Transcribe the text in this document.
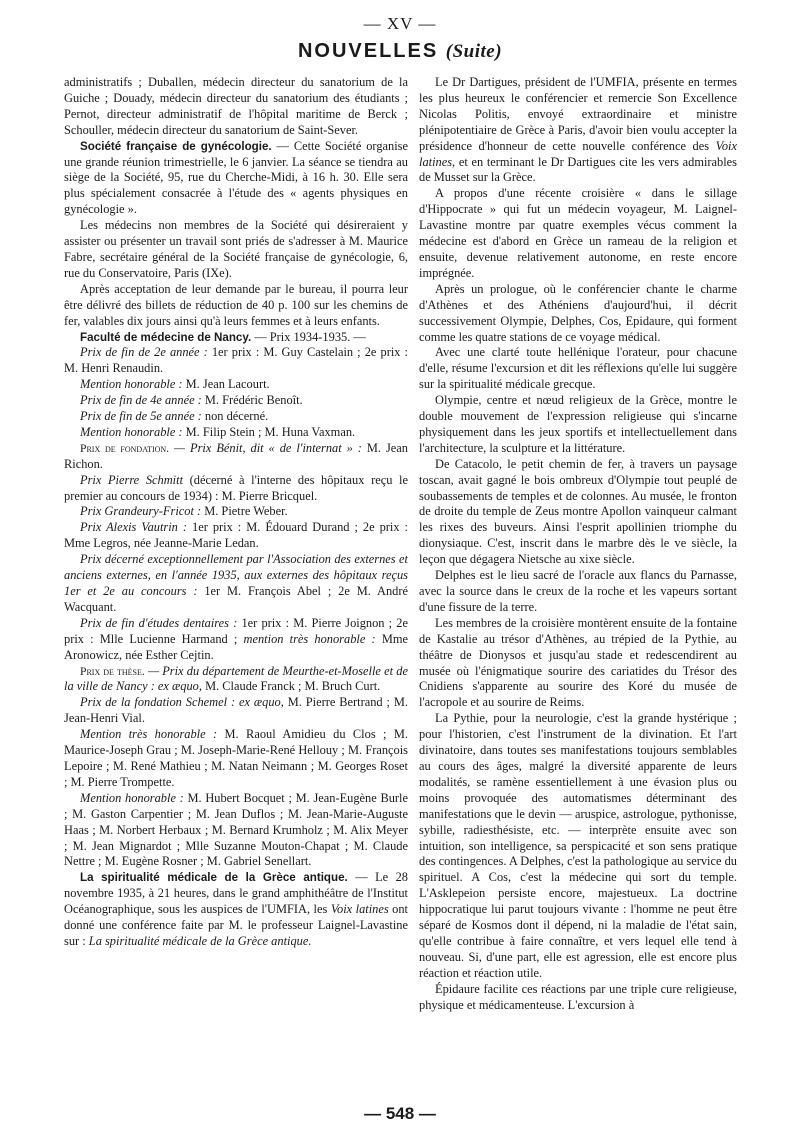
— XV —
NOUVELLES (Suite)

administratifs ; Duballen, médecin directeur du sanatorium de la Guiche ; Douady, médecin directeur du sanatorium des étudiants ; Pernot, directeur administratif de l'hôpital maritime de Berck ; Schouller, médecin directeur du sanatorium de Saint-Sever.

Société française de gynécologie. — Cette Société organise une grande réunion trimestrielle, le 6 janvier. La séance se tiendra au siège de la Société, 95, rue du Cherche-Midi, à 16 h. 30. Elle sera plus spécialement consacrée à l'étude des « agents physiques en gynécologie ».

Les médecins non membres de la Société qui désireraient y assister ou présenter un travail sont priés de s'adresser à M. Maurice Fabre, secrétaire général de la Société française de gynécologie, 6, rue du Conservatoire, Paris (IXe).

Après acceptation de leur demande par le bureau, il pourra leur être délivré des billets de réduction de 40 p. 100 sur les chemins de fer, valables dix jours ainsi qu'à leurs femmes et à leurs enfants.

Faculté de médecine de Nancy. — Prix 1934-1935. —

Prix de fin de 2e année : 1er prix : M. Guy Castelain ; 2e prix : M. Henri Renaudin.

Mention honorable : M. Jean Lacourt.

Prix de fin de 4e année : M. Frédéric Benoît.

Prix de fin de 5e année : non décerné.

Mention honorable : M. Filip Stein ; M. Huna Vaxman.

Prix de fondation. — Prix Bénit, dit « de l'internat » : M. Jean Richon.

Prix Pierre Schmitt (décerné à l'interne des hôpitaux reçu le premier au concours de 1934) : M. Pierre Bricquel.

Prix Grandeury-Fricot : M. Pietre Weber.

Prix Alexis Vautrin : 1er prix : M. Édouard Durand ; 2e prix : Mme Legros, née Jeanne-Marie Ledan.

Prix décerné exceptionnellement par l'Association des externes et anciens externes, en l'année 1935, aux externes des hôpitaux reçus 1er et 2e au concours : 1er M. François Abel ; 2e M. André Wacquant.

Prix de fin d'études dentaires : 1er prix : M. Pierre Joignon ; 2e prix : Mlle Lucienne Harmand ; mention très honorable : Mme Aronowicz, née Esther Cejtin.

Prix de thèse. — Prix du département de Meurthe-et-Moselle et de la ville de Nancy : ex æquo, M. Claude Franck ; M. Bruch Curt.

Prix de la fondation Schemel : ex æquo, M. Pierre Bertrand ; M. Jean-Henri Vial.

Mention très honorable : M. Raoul Amidieu du Clos ; M. Maurice-Joseph Grau ; M. Joseph-Marie-René Hellouy ; M. François Lepoire ; M. René Mathieu ; M. Natan Neimann ; M. Georges Roset ; M. Pierre Trompette.

Mention honorable : M. Hubert Bocquet ; M. Jean-Eugène Burle ; M. Gaston Carpentier ; M. Jean Duflos ; M. Jean-Marie-Auguste Haas ; M. Norbert Herbaux ; M. Bernard Krumholz ; M. Alix Meyer ; M. Jean Mignardot ; Mlle Suzanne Mouton-Chapat ; M. Claude Nettre ; M. Eugène Rosner ; M. Gabriel Senellart.

La spiritualité médicale de la Grèce antique. — Le 28 novembre 1935, à 21 heures, dans le grand amphithéâtre de l'Institut Océanographique, sous les auspices de l'UMFIA, les Voix latines ont donné une conférence faite par M. le professeur Laignel-Lavastine sur : La spiritualité médicale de la Grèce antique.

Le Dr Dartigues, président de l'UMFIA, présente en termes les plus heureux le conférencier et remercie Son Excellence Nicolas Politis, envoyé extraordinaire et ministre plénipotentiaire de Grèce à Paris, d'avoir bien voulu accepter la présidence d'honneur de cette nouvelle conférence des Voix latines, et en terminant le Dr Dartigues cite les vers admirables de Musset sur la Grèce.

A propos d'une récente croisière « dans le sillage d'Hippocrate » qui fut un médecin voyageur, M. Laignel-Lavastine montre par quatre exemples vécus comment la médecine est d'abord en Grèce un rameau de la religion et ensuite, devenue relativement autonome, en reste encore imprégnée.

Après un prologue, où le conférencier chante le charme d'Athènes et des Athéniens d'aujourd'hui, il décrit successivement Olympie, Delphes, Cos, Epidaure, qui forment comme les quatre stations de ce voyage médical.

Avec une clarté toute hellénique l'orateur, pour chacune d'elle, résume l'excursion et dit les réflexions qu'elle lui suggère sur la spiritualité médicale grecque.

Olympie, centre et nœud religieux de la Grèce, montre le double mouvement de l'expression religieuse qui s'incarne physiquement dans les jeux sportifs et intellectuellement dans l'architecture, la sculpture et la littérature.

De Catacolo, le petit chemin de fer, à travers un paysage toscan, avait gagné le bois ombreux d'Olympie tout peuplé de soubassements de temples et de colonnes. Au musée, le fronton de droite du temple de Zeus montre Apollon vainqueur calmant les rixes des buveurs. Ainsi l'esprit apollinien triomphe du dionysiaque. C'est, inscrit dans le marbre dès le ve siècle, la leçon que dégagera Nietsche au xixe siècle.

Delphes est le lieu sacré de l'oracle aux flancs du Parnasse, avec la source dans le creux de la roche et les vapeurs sortant d'une fissure de la terre.

Les membres de la croisière montèrent ensuite de la fontaine de Kastalie au trésor d'Athènes, au trépied de la Pythie, au théâtre de Dionysos et jusqu'au stade et redescendirent au musée où l'énigmatique sourire des cariatides du Trésor des Cnidiens s'apparente au sourire des Koré du musée de l'acropole et au sourire de Reims.

La Pythie, pour la neurologie, c'est la grande hystérique ; pour l'historien, c'est l'instrument de la divination. Et l'art divinatoire, dans toutes ses manifestations toujours semblables au cours des âges, malgré la diversité apparente de leurs modalités, se ramène essentiellement à une évasion plus ou moins provoquée des automatismes déterminant des manifestations que le devin — aruspice, astrologue, pythonisse, sybille, radiesthésiste, etc. — interprète ensuite avec son intuition, son intelligence, sa perspicacité et son sens pratique des contingences. A Delphes, c'est la pathologique au service du spirituel. A Cos, c'est la médecine qui sort du temple. L'Asklepeion persiste encore, majestueux. La doctrine hippocratique lui parut toujours vivante : l'homme ne peut être séparé de Kosmos dont il dépend, ni la maladie de l'état sain, qu'elle contribue à faire connaître, et vers lequel elle tend à nouveau. Si, d'une part, elle est agression, elle est encore plus réaction et réaction utile.

Épidaure facilite ces réactions par une triple cure religieuse, physique et médicamenteuse. L'excursion à

— 548 —
